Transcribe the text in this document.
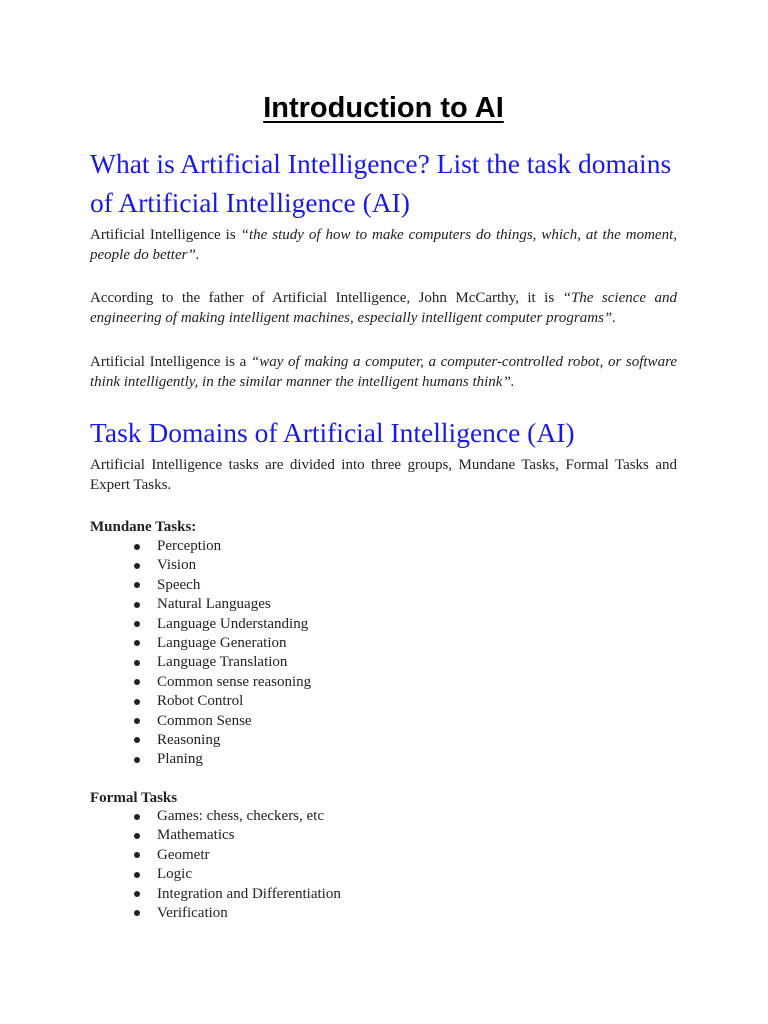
Introduction to AI
What is Artificial Intelligence? List the task domains of Artificial Intelligence (AI)

Artificial Intelligence is “the study of how to make computers do things, which, at the moment, people do better”.

According to the father of Artificial Intelligence, John McCarthy, it is “The science and engineering of making intelligent machines, especially intelligent computer programs”.

Artificial Intelligence is a “way of making a computer, a computer-controlled robot, or software think intelligently, in the similar manner the intelligent humans think”.

Task Domains of Artificial Intelligence (AI)

Artificial Intelligence tasks are divided into three groups, Mundane Tasks, Formal Tasks and Expert Tasks.

Mundane Tasks:

Perception
Vision
Speech
Natural Languages
Language Understanding
Language Generation
Language Translation
Common sense reasoning
Robot Control
Common Sense
Reasoning
Planing

Formal Tasks

Games: chess, checkers, etc
Mathematics
Geometr
Logic
Integration and Differentiation
Verification
